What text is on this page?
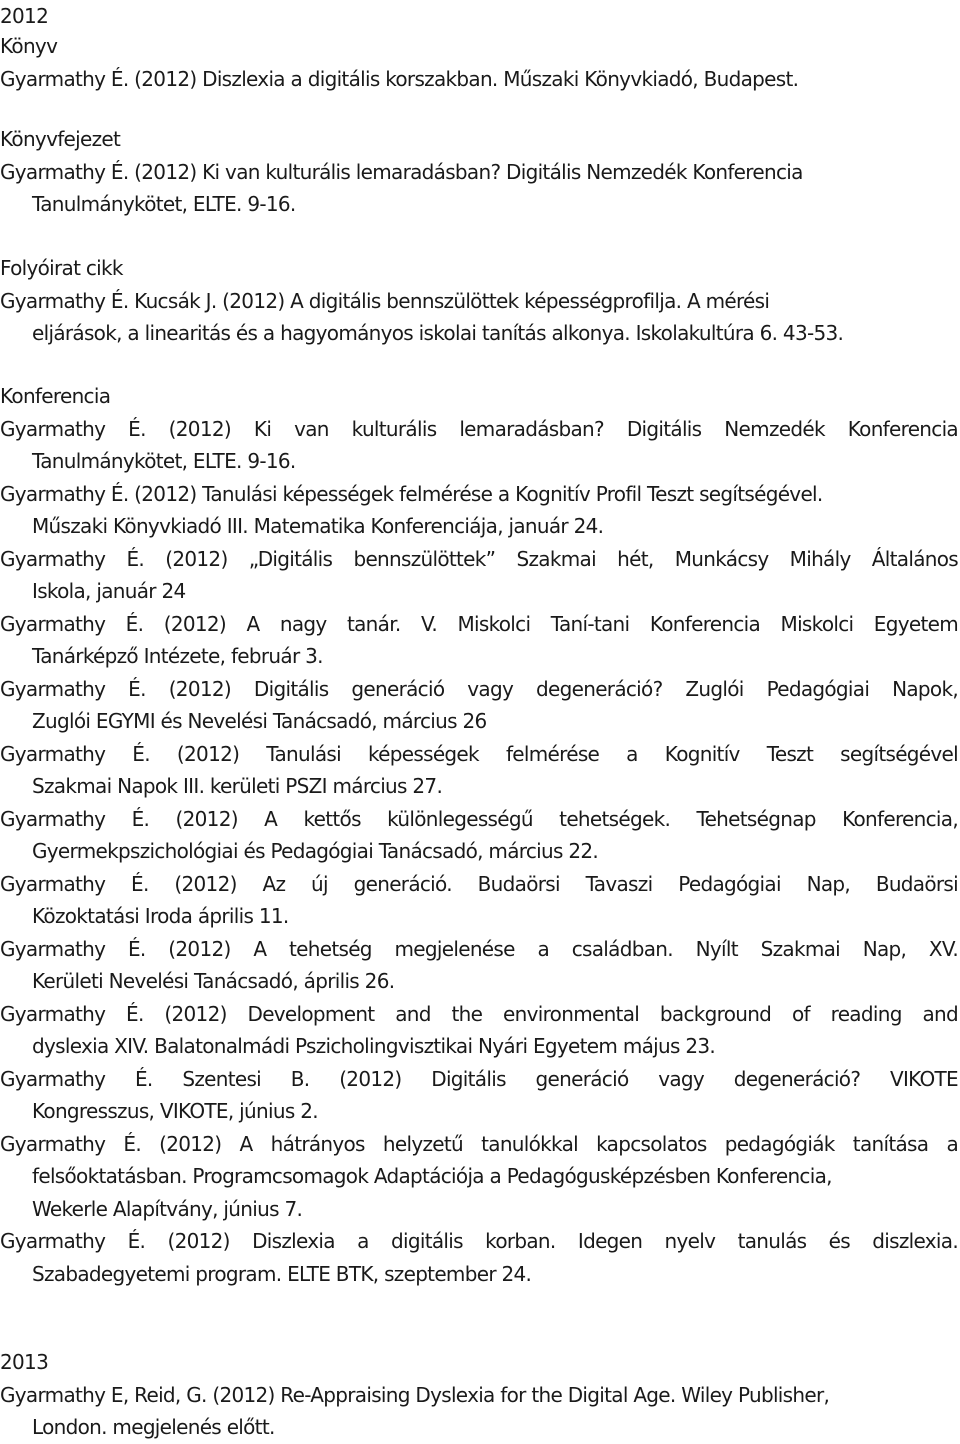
2012
Könyv
Gyarmathy É. (2012) Diszlexia a digitális korszakban. Műszaki Könyvkiadó, Budapest.
Könyvfejezet
Gyarmathy É. (2012) Ki van kulturális lemaradásban? Digitális Nemzedék Konferencia
Tanulmánykötet, ELTE. 9-16.
Folyóirat cikk
Gyarmathy É. Kucsák J. (2012) A digitális bennszülöttek képességprofilja. A mérési
eljárások, a linearitás és a hagyományos iskolai tanítás alkonya. Iskolakultúra 6. 43-53.
Konferencia
Gyarmathy É. (2012) Ki van kulturális lemaradásban? Digitális Nemzedék Konferencia
Tanulmánykötet, ELTE. 9-16.
Gyarmathy É. (2012) Tanulási képességek felmérése a Kognitív Profil Teszt segítségével.
Műszaki Könyvkiadó III. Matematika Konferenciája, január 24.
Gyarmathy É. (2012) „Digitális bennszülöttek” Szakmai hét, Munkácsy Mihály Általános
Iskola, január 24
Gyarmathy É. (2012) A nagy tanár. V. Miskolci Taní-tani Konferencia Miskolci Egyetem
Tanárképző Intézete, február 3.
Gyarmathy É. (2012) Digitális generáció vagy degeneráció? Zuglói Pedagógiai Napok,
Zuglói EGYMI és Nevelési Tanácsadó, március 26
Gyarmathy É. (2012) Tanulási képességek felmérése a Kognitív Teszt segítségével
Szakmai Napok III. kerületi PSZI március 27.
Gyarmathy É. (2012) A kettős különlegességű tehetségek. Tehetségnap Konferencia,
Gyermekpszichológiai és Pedagógiai Tanácsadó, március 22.
Gyarmathy É. (2012) Az új generáció. Budaörsi Tavaszi Pedagógiai Nap, Budaörsi
Közoktatási Iroda április 11.
Gyarmathy É. (2012) A tehetség megjelenése a családban. Nyílt Szakmai Nap, XV.
Kerületi Nevelési Tanácsadó, április 26.
Gyarmathy É. (2012) Development and the environmental background of reading and
dyslexia XIV. Balatonalmádi Pszicholingvisztikai Nyári Egyetem május 23.
Gyarmathy É. Szentesi B. (2012) Digitális generáció vagy degeneráció? VIKOTE
Kongresszus, VIKOTE, június 2.
Gyarmathy É. (2012) A hátrányos helyzetű tanulókkal kapcsolatos pedagógiák tanítása a
felsőoktatásban. Programcsomagok Adaptációja a Pedagógusképzésben Konferencia,
Wekerle Alapítvány, június 7.
Gyarmathy É. (2012) Diszlexia a digitális korban. Idegen nyelv tanulás és diszlexia.
Szabadegyetemi program. ELTE BTK, szeptember 24.
2013
Gyarmathy E, Reid, G. (2012) Re-Appraising Dyslexia for the Digital Age. Wiley Publisher,
London. megjelenés előtt.
